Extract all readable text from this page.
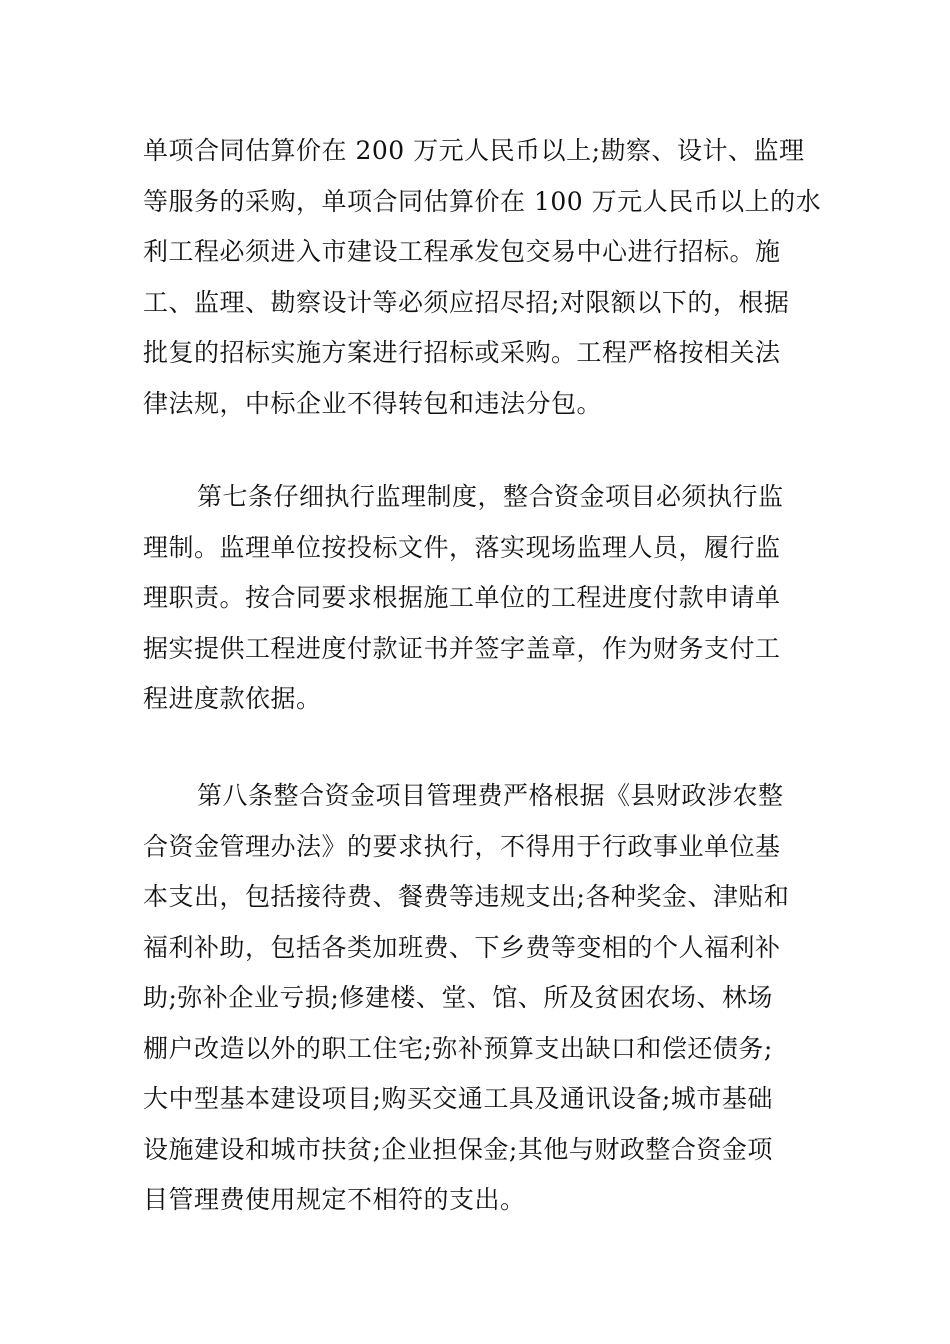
单项合同估算价在 200 万元人民币以上;勘察、设计、监理
等服务的采购，单项合同估算价在 100 万元人民币以上的水
利工程必须进入市建设工程承发包交易中心进行招标。施
工、监理、勘察设计等必须应招尽招;对限额以下的，根据
批复的招标实施方案进行招标或采购。工程严格按相关法
律法规，中标企业不得转包和违法分包。
第七条仔细执行监理制度，整合资金项目必须执行监
理制。监理单位按投标文件，落实现场监理人员，履行监
理职责。按合同要求根据施工单位的工程进度付款申请单
据实提供工程进度付款证书并签字盖章，作为财务支付工
程进度款依据。
第八条整合资金项目管理费严格根据《县财政涉农整
合资金管理办法》的要求执行，不得用于行政事业单位基
本支出，包括接待费、餐费等违规支出;各种奖金、津贴和
福利补助，包括各类加班费、下乡费等变相的个人福利补
助;弥补企业亏损;修建楼、堂、馆、所及贫困农场、林场
棚户改造以外的职工住宅;弥补预算支出缺口和偿还债务;
大中型基本建设项目;购买交通工具及通讯设备;城市基础
设施建设和城市扶贫;企业担保金;其他与财政整合资金项
目管理费使用规定不相符的支出。
